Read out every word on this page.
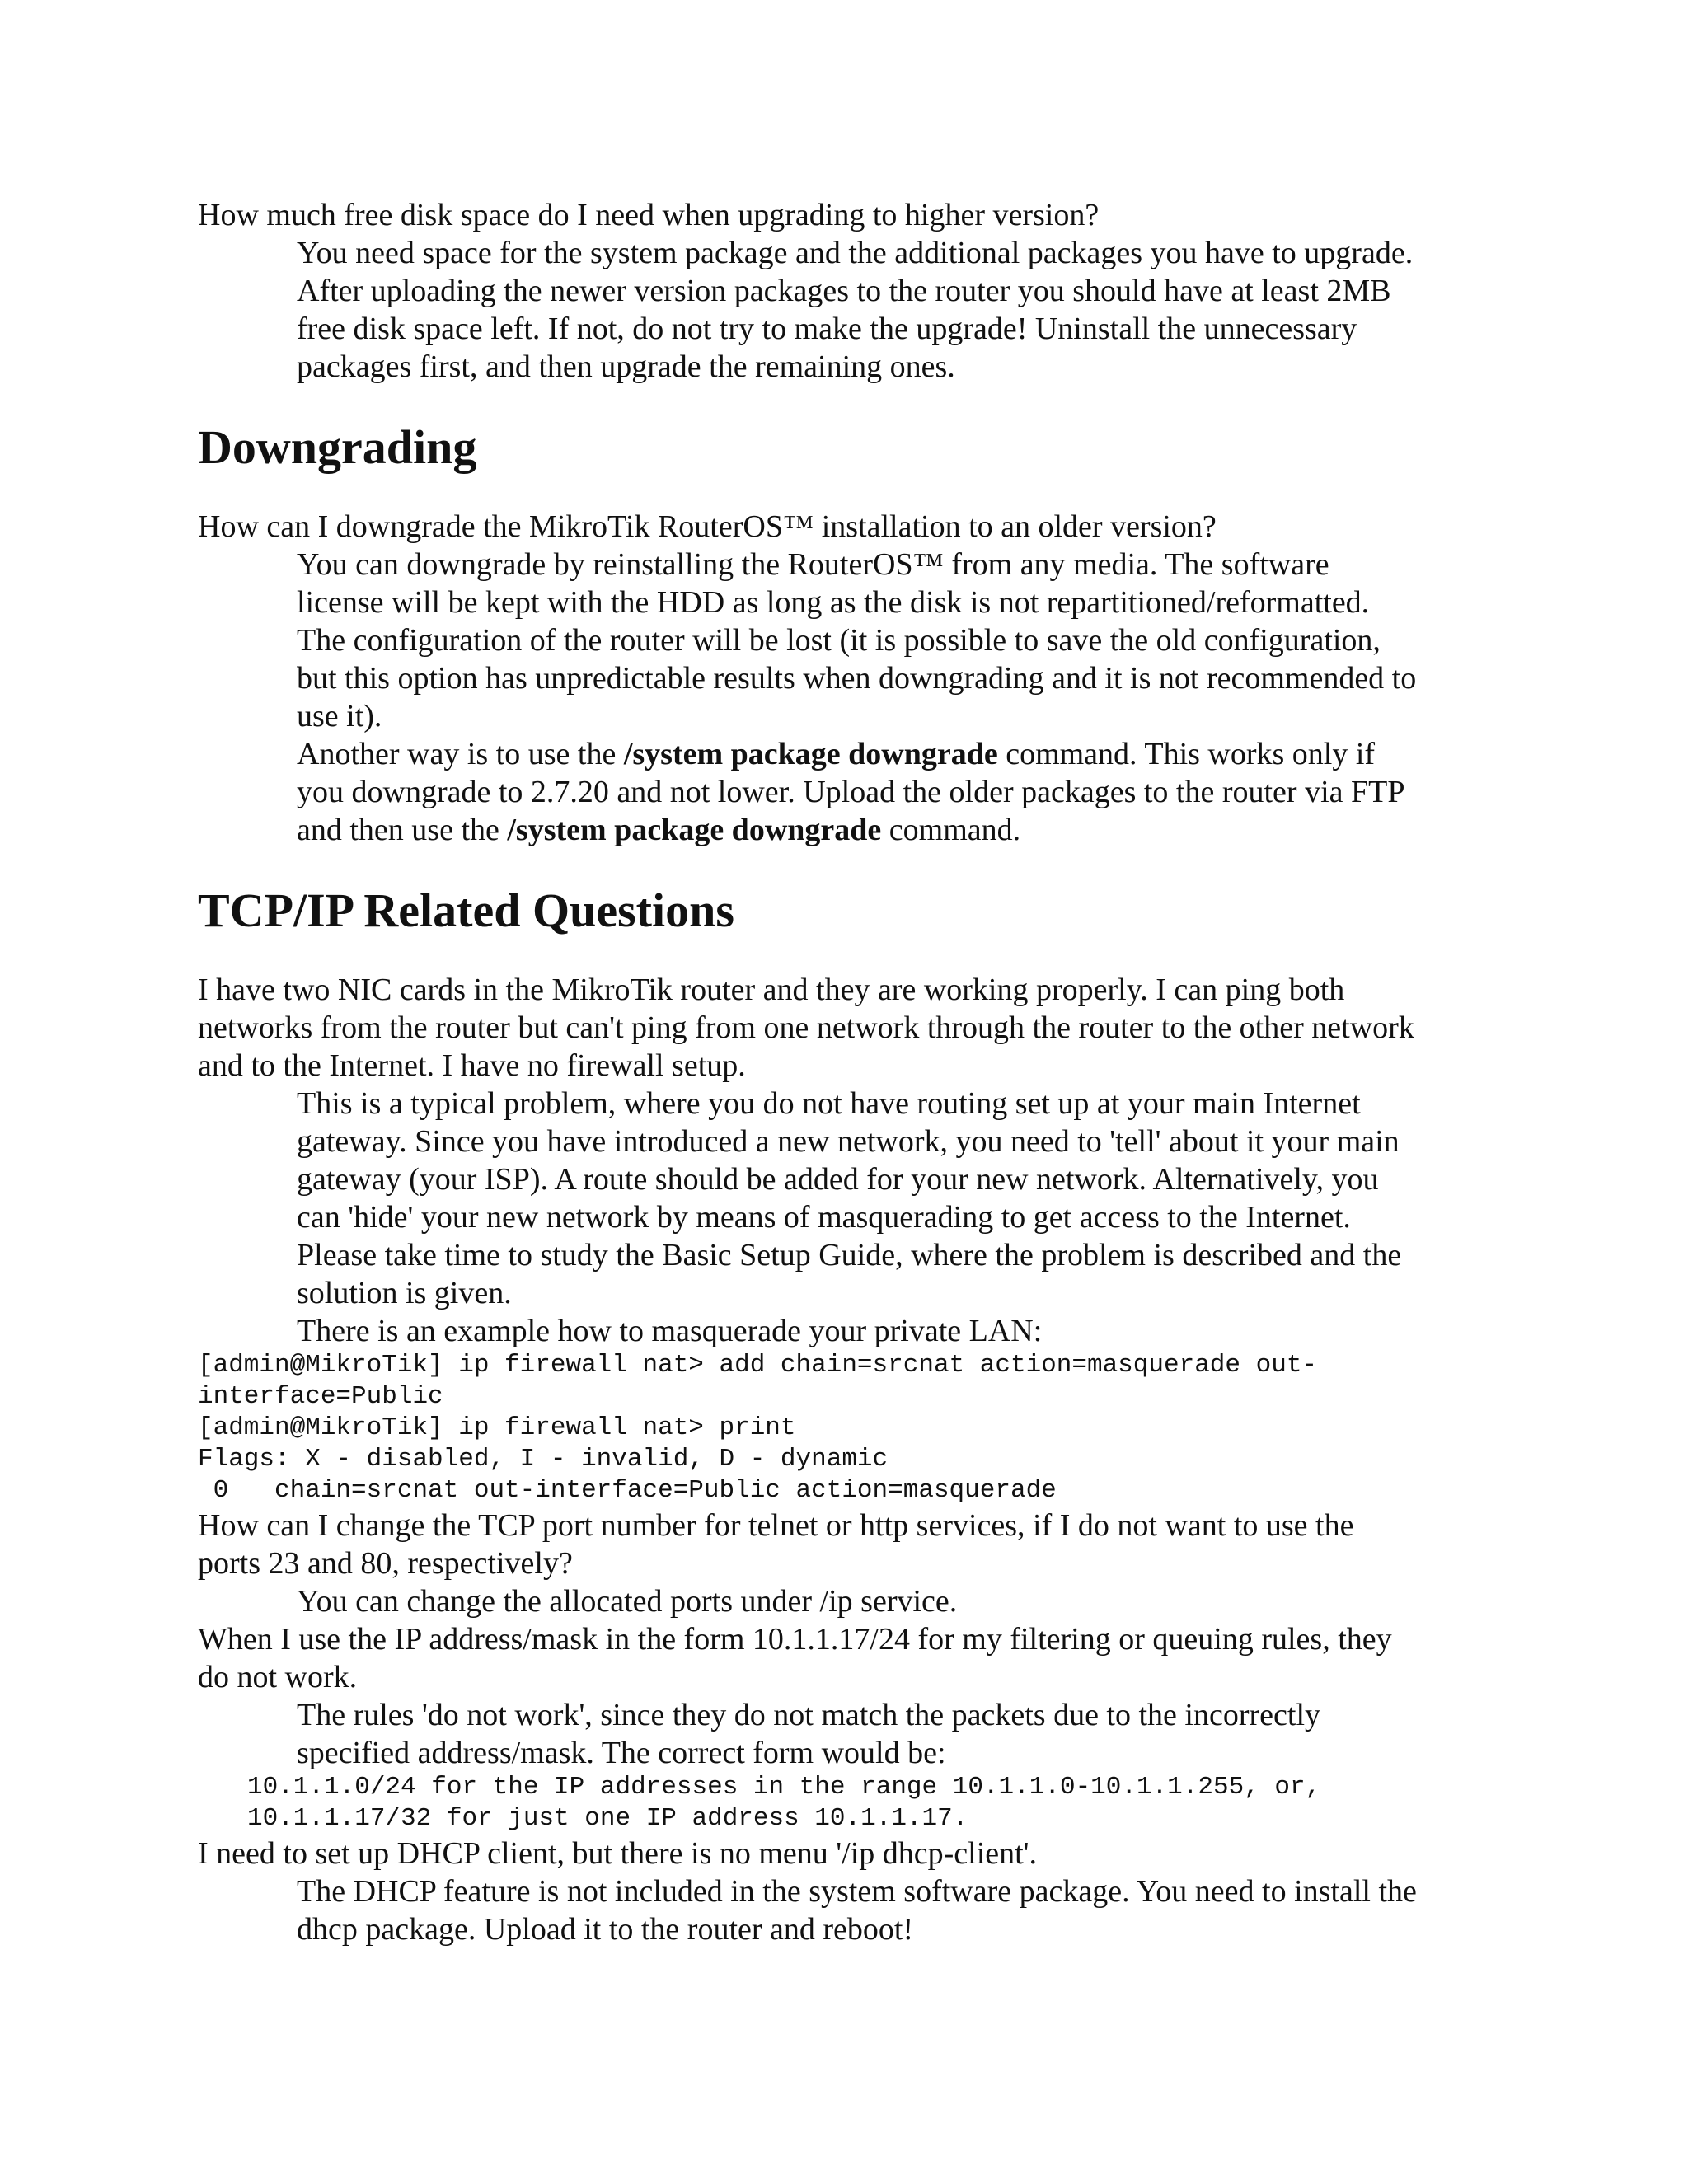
How much free disk space do I need when upgrading to higher version?

You need space for the system package and the additional packages you have to upgrade.

After uploading the newer version packages to the router you should have at least 2MB

free disk space left. If not, do not try to make the upgrade! Uninstall the unnecessary

packages first, and then upgrade the remaining ones.

Downgrading

How can I downgrade the MikroTik RouterOS™ installation to an older version?

You can downgrade by reinstalling the RouterOS™ from any media. The software

license will be kept with the HDD as long as the disk is not repartitioned/reformatted.

The configuration of the router will be lost (it is possible to save the old configuration,

but this option has unpredictable results when downgrading and it is not recommended to

use it).

Another way is to use the /system package downgrade command. This works only if

you downgrade to 2.7.20 and not lower. Upload the older packages to the router via FTP

and then use the /system package downgrade command.

TCP/IP Related Questions

I have two NIC cards in the MikroTik router and they are working properly. I can ping both

networks from the router but can't ping from one network through the router to the other network

and to the Internet. I have no firewall setup.

This is a typical problem, where you do not have routing set up at your main Internet

gateway. Since you have introduced a new network, you need to 'tell' about it your main

gateway (your ISP). A route should be added for your new network. Alternatively, you

can 'hide' your new network by means of masquerading to get access to the Internet.

Please take time to study the Basic Setup Guide, where the problem is described and the

solution is given.

There is an example how to masquerade your private LAN:

[admin@MikroTik] ip firewall nat> add chain=srcnat action=masquerade out-

interface=Public

[admin@MikroTik] ip firewall nat> print

Flags: X - disabled, I - invalid, D - dynamic

0   chain=srcnat out-interface=Public action=masquerade

How can I change the TCP port number for telnet or http services, if I do not want to use the

ports 23 and 80, respectively?

You can change the allocated ports under /ip service.

When I use the IP address/mask in the form 10.1.1.17/24 for my filtering or queuing rules, they

do not work.

The rules 'do not work', since they do not match the packets due to the incorrectly

specified address/mask. The correct form would be:

10.1.1.0/24 for the IP addresses in the range 10.1.1.0-10.1.1.255, or,

10.1.1.17/32 for just one IP address 10.1.1.17.

I need to set up DHCP client, but there is no menu '/ip dhcp-client'.

The DHCP feature is not included in the system software package. You need to install the

dhcp package. Upload it to the router and reboot!
